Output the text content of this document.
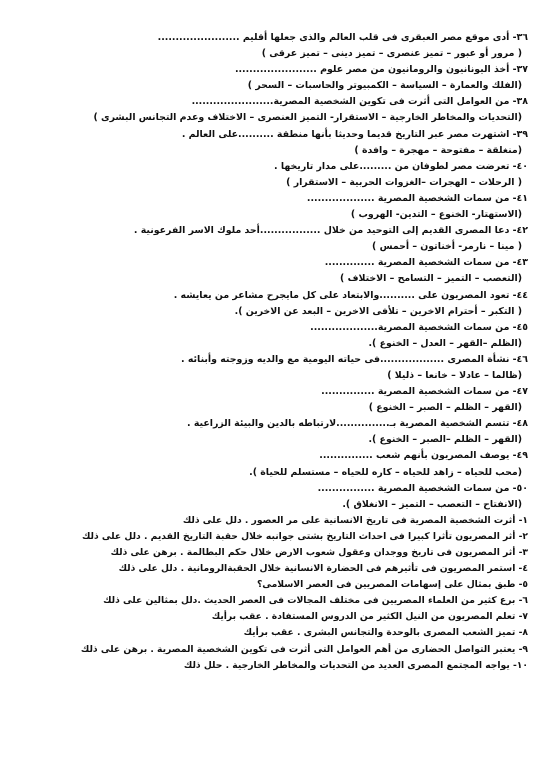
٣٦- أدى موقع مصر العبقرى فى قلب العالم والذى جعلها أقليم .......................
( مرور أو عبور – تميز عنصرى – تميز دينى – تميز عرقى )
٣٧- أخذ اليونانيون والرومانيون من مصر علوم .......................
(الفلك والعمارة – السياسة – الكمبيوتر والحاسبات – السحر )
٣٨- من العوامل التى أثرت فى تكوين الشخصية المصرية.......................
(التحديات والمخاطر الخارجية – الاستقرار- التميز العنصرى – الاختلاف وعدم التجانس البشرى )
٣٩- اشتهرت مصر عبر التاريخ قديما وحديثا بأنها منطقة ..........على العالم .
(منغلقة – مفتوحة – مهجرة – وافدة )
٤٠- تعرضت مصر لطوفان من .........على مدار تاريخها .
( الرحلات – الهجرات –الغزوات الحربية – الاستقرار )
٤١- من سمات الشخصية المصرية ...................
(الاستهتار- الخنوع – التدين- الهروب )
٤٢- دعا المصرى القديم إلى التوحيد من خلال .................أحد ملوك الاسر الفرعونية .
( مينا – نارمر- أخناتون – أحمس )
٤٣- من سمات الشخصية المصرية ..............
(التعصب – التميز – التسامح – الاختلاف )
٤٤- تعود المصريون على ..........والابتعاد على كل مايجرح مشاعر من يعايشه .
( التكبر – أحترام الاخرين – تلأفى الاخرين – البعد عن الاخرين ).
٤٥- من سمات الشخصية المصرية...................
(الظلم –القهر – العدل – الخنوع ).
٤٦- نشأة المصرى ..................فى حياته اليومية مع والديه وزوجته وأبنائه .
(ظالما – عادلا – خانعا – ذليلا )
٤٧- من سمات الشخصية المصرية ...............
(القهر – الظلم – الصبر – الخنوع )
٤٨- تتسم الشخصية المصرية بـ...............لارتباطه بالدين والبيئة الزراعية .
(القهر – الظلم –الصبر – الخنوع ).
٤٩- يوصف المصريون بأنهم شعب ...............
(محب للحياه – زاهد للحياه – كاره للحياه – مستسلم للحياة ).
٥٠- من سمات الشخصية المصرية ................
(الانفتاح – التعصب – التميز – الانغلاق ).
١- أثرت الشخصية المصرية فى تاريخ الانسانية على مر العصور . دلل على ذلك
٢- أثر المصريون تأثرا كبيرا فى احداث التاريخ بشتى جوانبه خلال حقبة التاريخ القديم . دلل على ذلك
٣- أثر المصريون فى تاريخ ووجدان وعقول شعوب الارض خلال حكم البطالمة . برهن على ذلك
٤- استمر المصريون فى تأثيرهم فى الحضارة الانسانية خلال الحقبةالرومانية . دلل على ذلك
٥- طبق بمثال على إسهامات المصريين فى العصر الاسلامى؟
٦- برع كثير من العلماء المصريين فى مختلف المجالات فى العصر الحديث .دلل بمثالين على ذلك
٧- تعلم المصريون من النيل الكثير من الدروس المستفادة . عقب برأيك
٨- تميز الشعب المصرى بالوحدة والتجانس البشرى . عقب برأيك
٩- يعتبر التواصل الحضارى من أهم العوامل التى أثرت فى تكوين الشخصية المصرية . برهن على ذلك
١٠- يواجه المجتمع المصرى العديد من التحديات والمخاطر الخارجية . حلل ذلك
